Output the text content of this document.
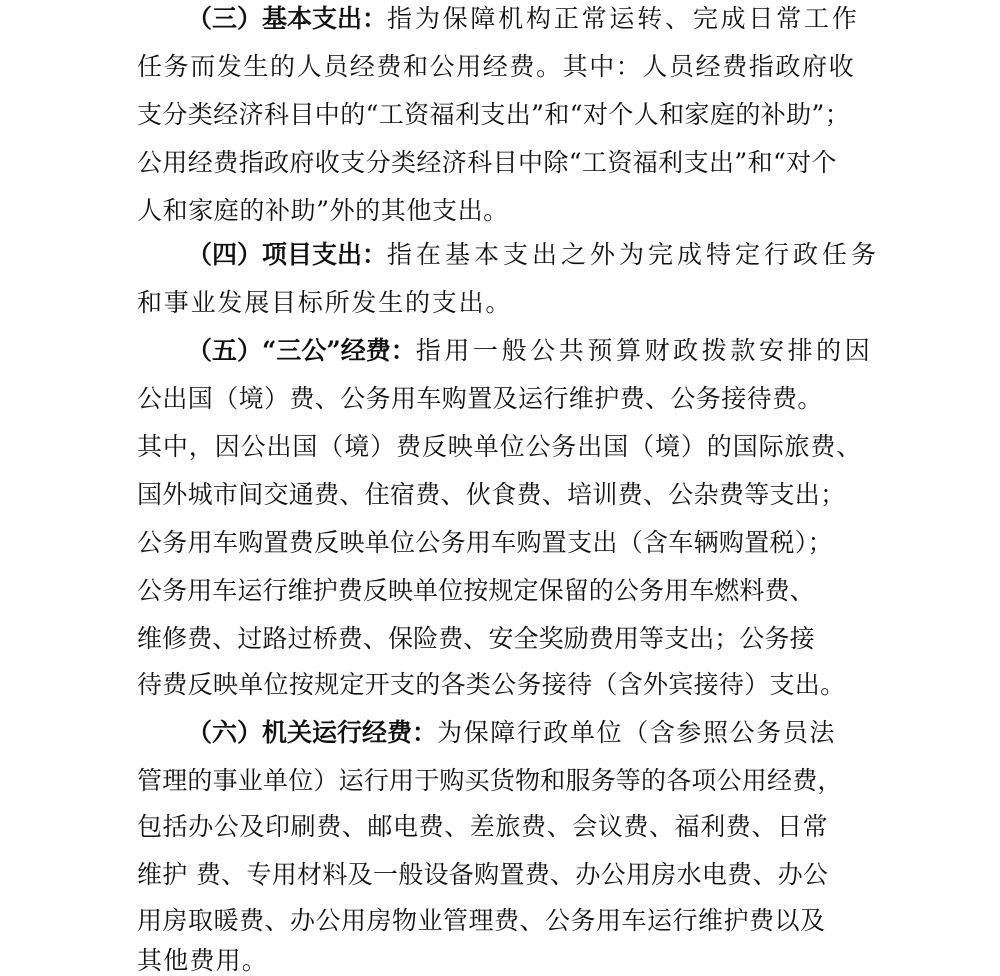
（三）基本支出：指为保障机构正常运转、完成日常工作
任务而发生的人员经费和公用经费。其中：人员经费指政府收
支分类经济科目中的“工资福利支出”和“对个人和家庭的补助”；
公用经费指政府收支分类经济科目中除“工资福利支出”和“对个
人和家庭的补助”外的其他支出。
（四）项目支出：指在基本支出之外为完成特定行政任务
和事业发展目标所发生的支出。
（五）“三公”经费：指用一般公共预算财政拨款安排的因
公出国（境）费、公务用车购置及运行维护费、公务接待费。
其中，因公出国（境）费反映单位公务出国（境）的国际旅费、
国外城市间交通费、住宿费、伙食费、培训费、公杂费等支出；
公务用车购置费反映单位公务用车购置支出（含车辆购置税）；
公务用车运行维护费反映单位按规定保留的公务用车燃料费、
维修费、过路过桥费、保险费、安全奖励费用等支出；公务接
待费反映单位按规定开支的各类公务接待（含外宾接待）支出。
（六）机关运行经费：为保障行政单位（含参照公务员法
管理的事业单位）运行用于购买货物和服务等的各项公用经费，
包括办公及印刷费、邮电费、差旅费、会议费、福利费、日常
维护 费、专用材料及一般设备购置费、办公用房水电费、办公
用房取暖费、办公用房物业管理费、公务用车运行维护费以及
其他费用。
